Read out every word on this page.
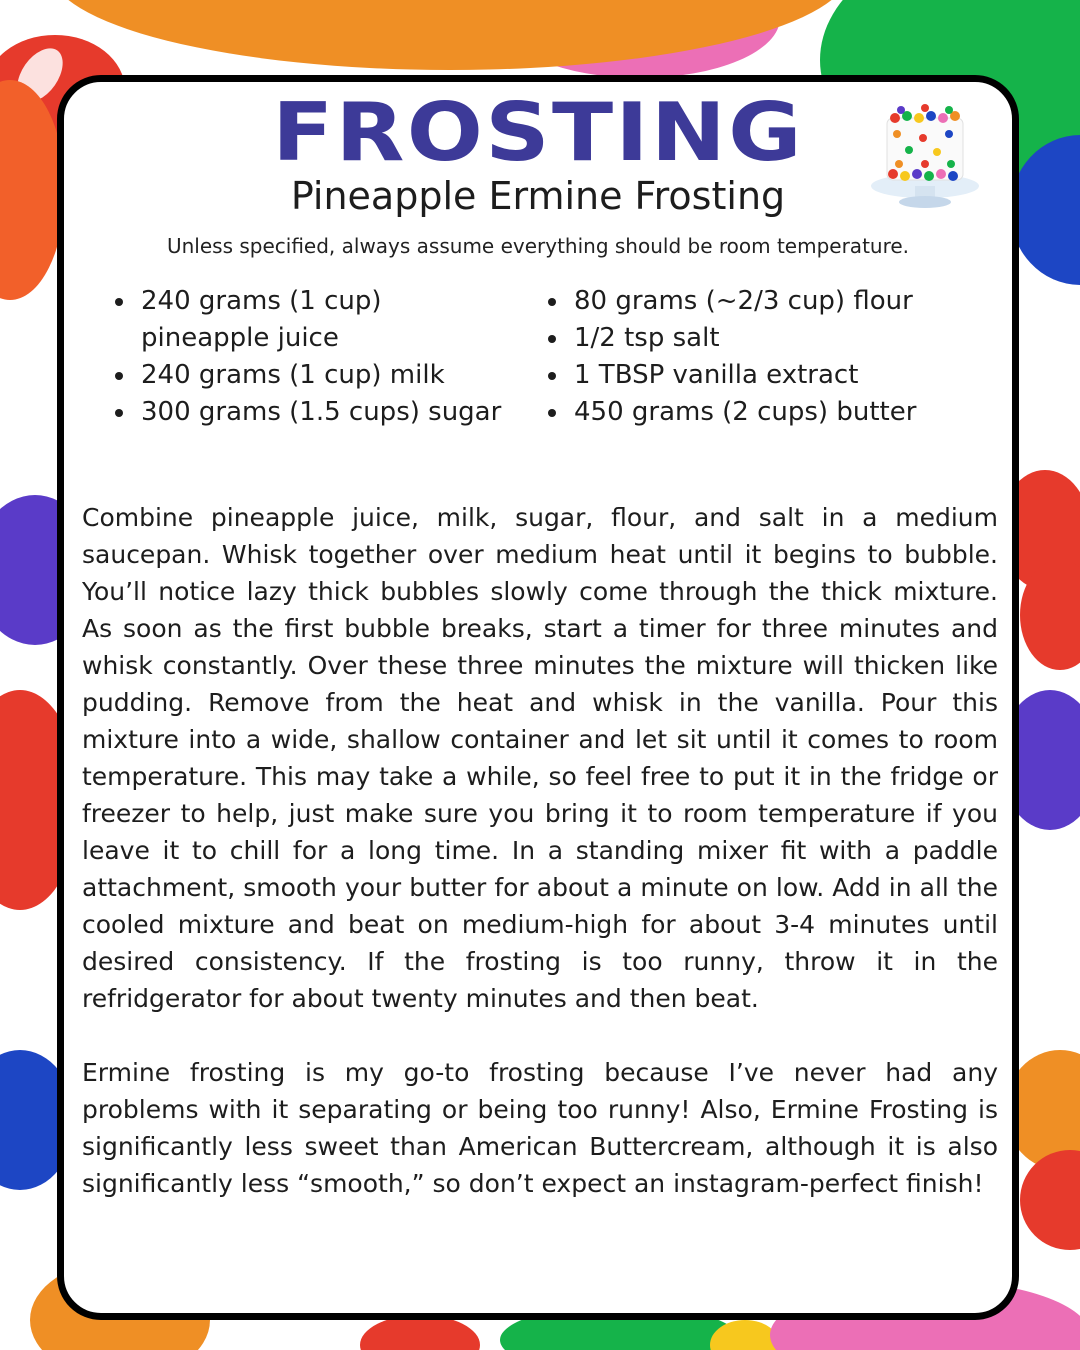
FROSTING
Pineapple Ermine Frosting
Unless specified, always assume everything should be room temperature.
240 grams (1 cup) pineapple juice
240 grams (1 cup) milk
300 grams (1.5 cups) sugar
80 grams (~2/3 cup) flour
1/2 tsp salt
1 TBSP vanilla extract
450 grams (2 cups) butter

Combine pineapple juice, milk, sugar, flour, and salt in a medium saucepan. Whisk together over medium heat until it begins to bubble. You’ll notice lazy thick bubbles slowly come through the thick mixture. As soon as the first bubble breaks, start a timer for three minutes and whisk constantly. Over these three minutes the mixture will thicken like pudding. Remove from the heat and whisk in the vanilla. Pour this mixture into a wide, shallow container and let sit until it comes to room temperature. This may take a while, so feel free to put it in the fridge or freezer to help, just make sure you bring it to room temperature if you leave it to chill for a long time. In a standing mixer fit with a paddle attachment, smooth your butter for about a minute on low. Add in all the cooled mixture and beat on medium-high for about 3-4 minutes until desired consistency. If the frosting is too runny, throw it in the refridgerator for about twenty minutes and then beat.

Ermine frosting is my go-to frosting because I’ve never had any problems with it separating or being too runny! Also, Ermine Frosting is significantly less sweet than American Buttercream, although it is also significantly less “smooth,” so don’t expect an instagram-perfect finish!
